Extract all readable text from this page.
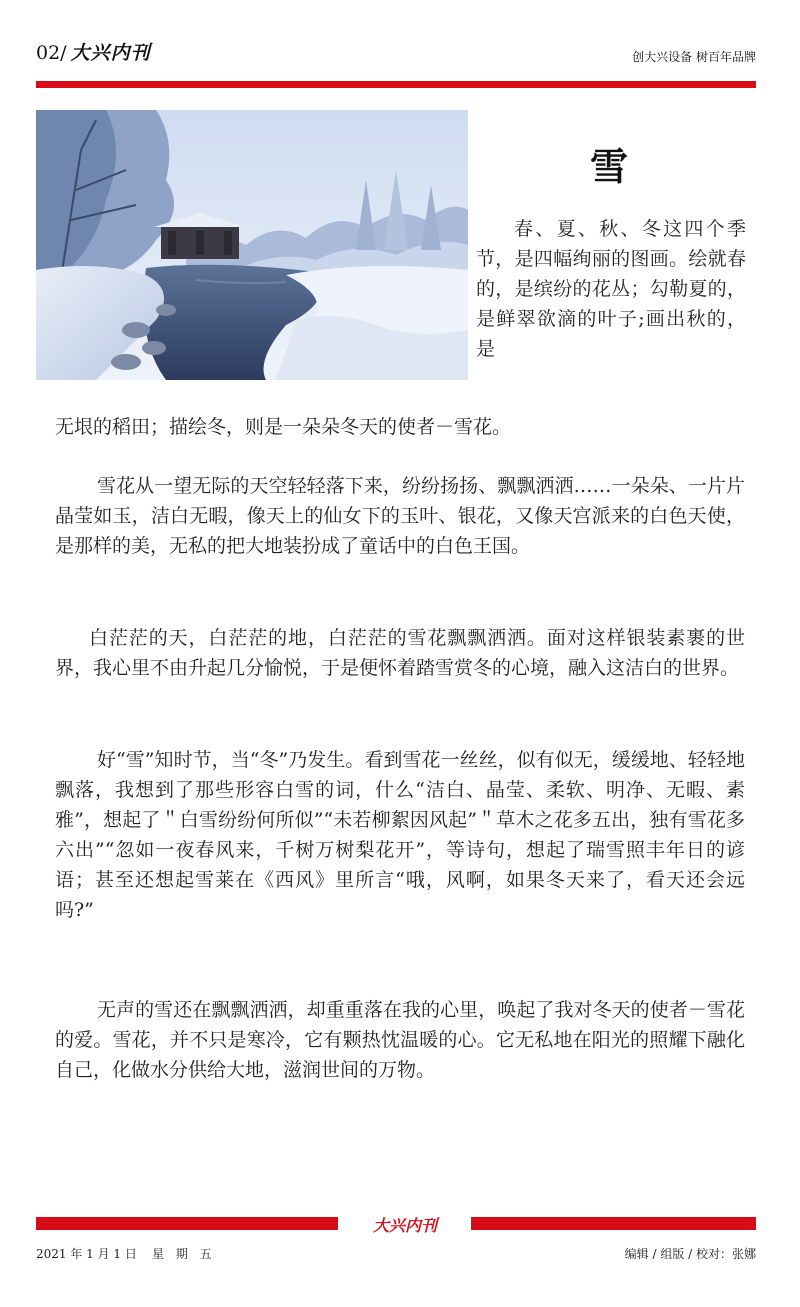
02/ 大兴内刊	创大兴设备 树百年品牌
雪

春、夏、秋、冬这四个季节，是四幅绚丽的图画。绘就春的，是缤纷的花丛；勾勒夏的，是鲜翠欲滴的叶子;画出秋的，是

无垠的稻田；描绘冬，则是一朵朵冬天的使者－雪花。

雪花从一望无际的天空轻轻落下来，纷纷扬扬、飘飘洒洒……一朵朵、一片片晶莹如玉，洁白无暇，像天上的仙女下的玉叶、银花，又像天宫派来的白色天使，是那样的美，无私的把大地装扮成了童话中的白色王国。

白茫茫的天，白茫茫的地，白茫茫的雪花飘飘洒洒。面对这样银装素裹的世界，我心里不由升起几分愉悦，于是便怀着踏雪赏冬的心境，融入这洁白的世界。

好“雪”知时节，当“冬”乃发生。看到雪花一丝丝，似有似无，缓缓地、轻轻地飘落，我想到了那些形容白雪的词，什么“洁白、晶莹、柔软、明净、无暇、素雅”，想起了＂白雪纷纷何所似”“未若柳絮因风起”＂草木之花多五出，独有雪花多六出”“忽如一夜春风来，千树万树梨花开”，等诗句，想起了瑞雪照丰年日的谚语；甚至还想起雪莱在《西风》里所言“哦，风啊，如果冬天来了，看天还会远吗?”

无声的雪还在飘飘洒洒，却重重落在我的心里，唤起了我对冬天的使者－雪花的爱。雪花，并不只是寒冷，它有颗热忱温暖的心。它无私地在阳光的照耀下融化自己，化做水分供给大地，滋润世间的万物。

大兴内刊
2021 年 1 月 1 日 星 期 五	编辑 / 组版 / 校对：张娜
